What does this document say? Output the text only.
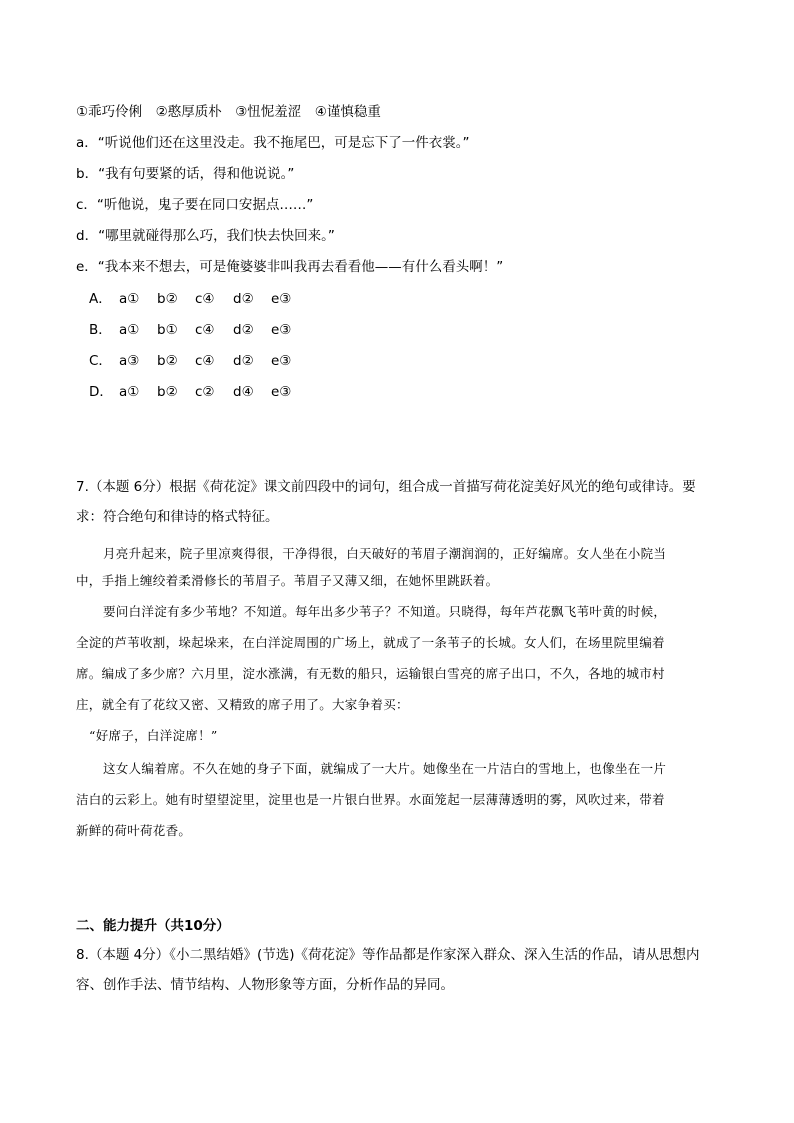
①乖巧伶俐　②憨厚质朴　③忸怩羞涩　④谨慎稳重
a．“听说他们还在这里没走。我不拖尾巴，可是忘下了一件衣裳。”
b．“我有句要紧的话，得和他说说。”
c．“听他说，鬼子要在同口安据点……”
d．“哪里就碰得那么巧，我们快去快回来。”
e．“我本来不想去，可是俺婆婆非叫我再去看看他——有什么看头啊！”
A． a① b② c④ d② e③
B． a① b① c④ d② e③
C． a③ b② c④ d② e③
D． a① b② c② d④ e③
7.（本题 6分）根据《荷花淀》课文前四段中的词句，组合成一首描写荷花淀美好风光的绝句或律诗。要
求：符合绝句和律诗的格式特征。
月亮升起来，院子里凉爽得很，干净得很，白天破好的苇眉子潮润润的，正好编席。女人坐在小院当
中，手指上缠绞着柔滑修长的苇眉子。苇眉子又薄又细，在她怀里跳跃着。
要问白洋淀有多少苇地？不知道。每年出多少苇子？不知道。只晓得，每年芦花飘飞苇叶黄的时候，
全淀的芦苇收割，垛起垛来，在白洋淀周围的广场上，就成了一条苇子的长城。女人们，在场里院里编着
席。编成了多少席？六月里，淀水涨满，有无数的船只，运输银白雪亮的席子出口，不久，各地的城市村
庄，就全有了花纹又密、又精致的席子用了。大家争着买：
“好席子，白洋淀席！”
这女人编着席。不久在她的身子下面，就编成了一大片。她像坐在一片洁白的雪地上，也像坐在一片
洁白的云彩上。她有时望望淀里，淀里也是一片银白世界。水面笼起一层薄薄透明的雾，风吹过来，带着
新鲜的荷叶荷花香。
二、能力提升（共10分）
8.（本题 4分）《小二黑结婚》(节选)《荷花淀》等作品都是作家深入群众、深入生活的作品，请从思想内
容、创作手法、情节结构、人物形象等方面，分析作品的异同。
